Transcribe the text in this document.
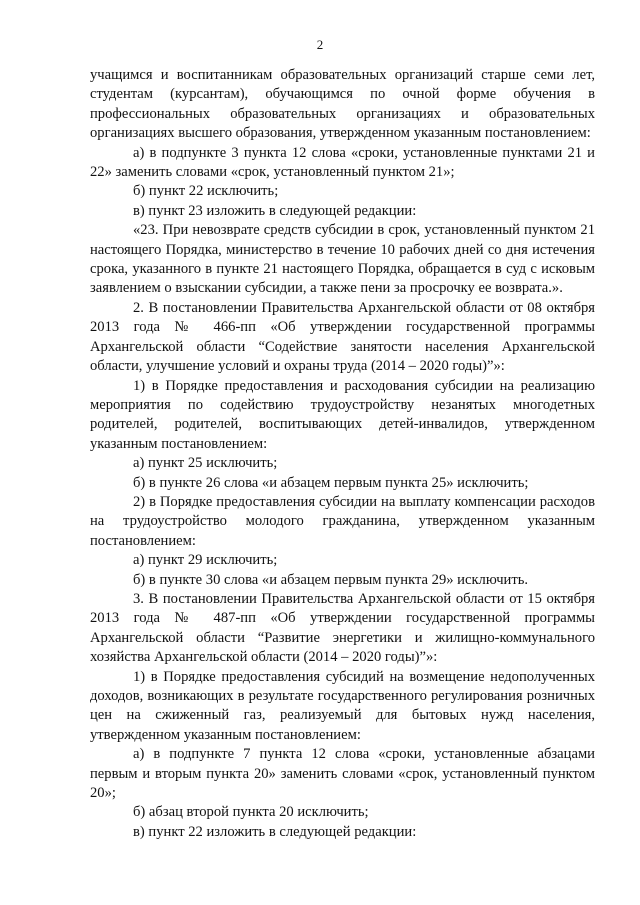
2

учащимся и воспитанникам образовательных организаций старше семи лет, студентам (курсантам), обучающимся по очной форме обучения в профессиональных образовательных организациях и образовательных организациях высшего образования, утвержденном указанным постановлением:

а) в подпункте 3 пункта 12 слова «сроки, установленные пунктами 21 и 22» заменить словами «срок, установленный пунктом 21»;

б) пункт 22 исключить;

в) пункт 23 изложить в следующей редакции:

«23. При невозврате средств субсидии в срок, установленный пунктом 21 настоящего Порядка, министерство в течение 10 рабочих дней со дня истечения срока, указанного в пункте 21 настоящего Порядка, обращается в суд с исковым заявлением о взыскании субсидии, а также пени за просрочку ее возврата.».

2. В постановлении Правительства Архангельской области от 08 октября 2013 года № 466-пп «Об утверждении государственной программы Архангельской области “Содействие занятости населения Архангельской области, улучшение условий и охраны труда (2014 – 2020 годы)”»:

1) в Порядке предоставления и расходования субсидии на реализацию мероприятия по содействию трудоустройству незанятых многодетных родителей, родителей, воспитывающих детей-инвалидов, утвержденном указанным постановлением:

а) пункт 25 исключить;

б) в пункте 26 слова «и абзацем первым пункта 25» исключить;

2) в Порядке предоставления субсидии на выплату компенсации расходов на трудоустройство молодого гражданина, утвержденном указанным постановлением:

а) пункт 29 исключить;

б) в пункте 30 слова «и абзацем первым пункта 29» исключить.

3. В постановлении Правительства Архангельской области от 15 октября 2013 года № 487-пп «Об утверждении государственной программы Архангельской области “Развитие энергетики и жилищно-коммунального хозяйства Архангельской области (2014 – 2020 годы)”»:

1) в Порядке предоставления субсидий на возмещение недополученных доходов, возникающих в результате государственного регулирования розничных цен на сжиженный газ, реализуемый для бытовых нужд населения, утвержденном указанным постановлением:

а) в подпункте 7 пункта 12 слова «сроки, установленные абзацами первым и вторым пункта 20» заменить словами «срок, установленный пунктом 20»;

б) абзац второй пункта 20 исключить;

в) пункт 22 изложить в следующей редакции:
